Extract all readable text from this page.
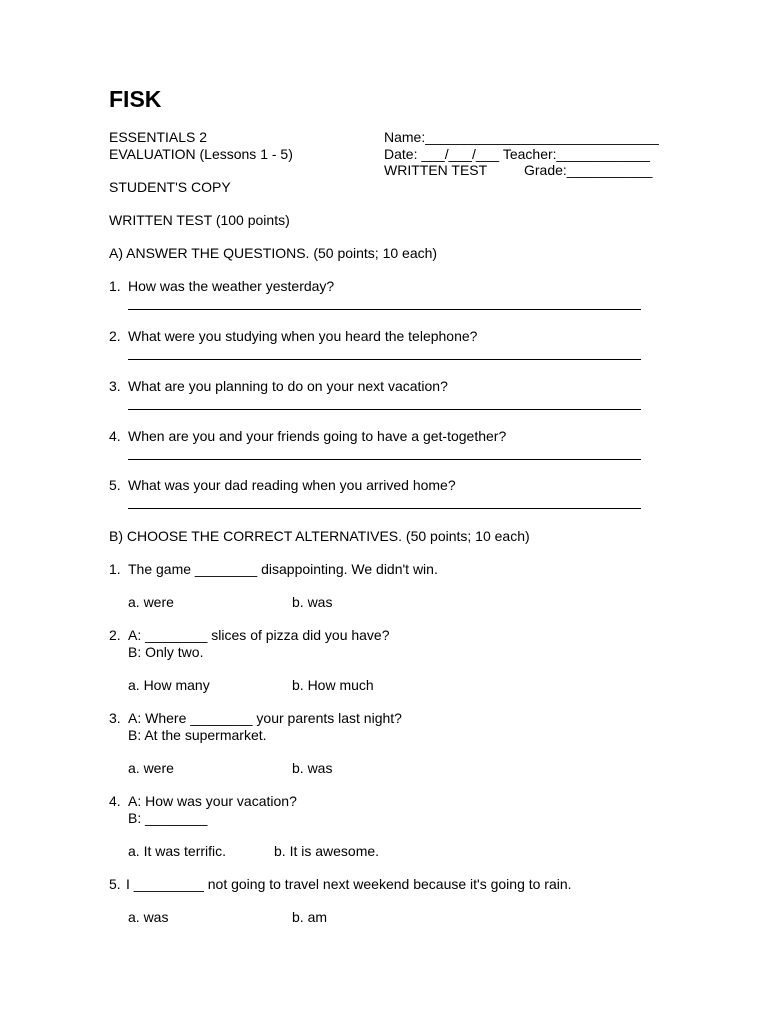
FISK
ESSENTIALS 2
EVALUATION (Lessons 1 - 5)
Name:______________________________
Date: ___/___/___ Teacher:____________
WRITTEN TEST	Grade:___________
STUDENT'S COPY
WRITTEN TEST (100 points)
A) ANSWER THE QUESTIONS. (50 points; 10 each)
1. How was the weather yesterday?
2. What were you studying when you heard the telephone?
3. What are you planning to do on your next vacation?
4. When are you and your friends going to have a get-together?
5. What was your dad reading when you arrived home?
B) CHOOSE THE CORRECT ALTERNATIVES. (50 points; 10 each)
1. The game ________ disappointing. We didn't win.
a. were	b. was
2. A: ________ slices of pizza did you have?
B: Only two.
a. How many	b. How much
3. A: Where ________ your parents last night?
B: At the supermarket.
a. were	b. was
4. A: How was your vacation?
B: ________
a. It was terrific.	b. It is awesome.
5. I _________ not going to travel next weekend because it's going to rain.
a. was	b. am
